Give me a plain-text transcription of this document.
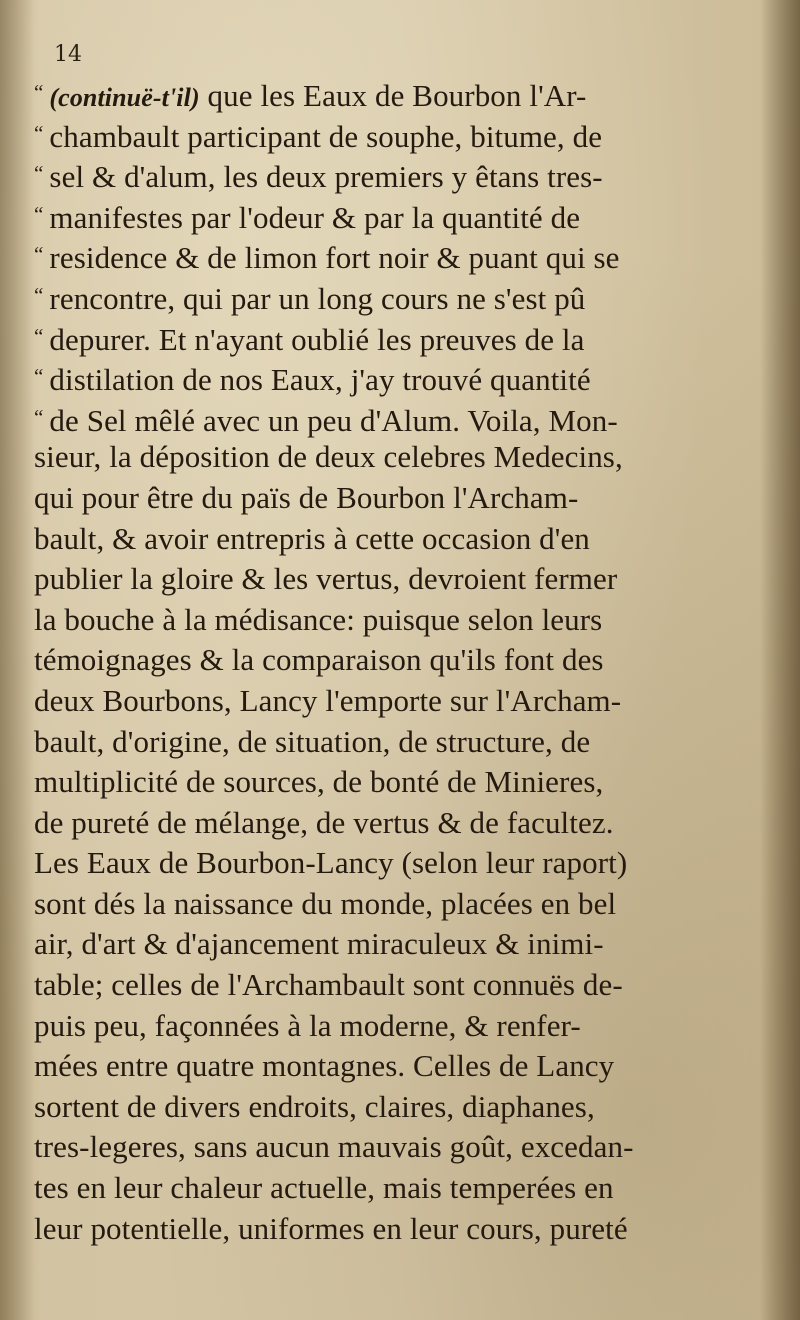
14
“ (continuë-t'il) que les Eaux de Bourbon l'Ar-
“ chambault participant de souphe, bitume, de
“ sel & d'alum, les deux premiers y êtans tres-
“ manifestes par l'odeur & par la quantité de
“ residence & de limon fort noir & puant qui se
“ rencontre, qui par un long cours ne s'est pû
“ depurer. Et n'ayant oublié les preuves de la
“ distilation de nos Eaux, j'ay trouvé quantité
“ de Sel mêlé avec un peu d'Alum. Voila, Mon-
sieur, la déposition de deux celebres Medecins,
qui pour être du païs de Bourbon l'Archam-
bault, & avoir entrepris à cette occasion d'en
publier la gloire & les vertus, devroient fermer
la bouche à la médisance: puisque selon leurs
témoignages & la comparaison qu'ils font des
deux Bourbons, Lancy l'emporte sur l'Archam-
bault, d'origine, de situation, de structure, de
multiplicité de sources, de bonté de Minieres,
de pureté de mélange, de vertus & de facultez.
Les Eaux de Bourbon-Lancy (selon leur raport)
sont dés la naissance du monde, placées en bel
air, d'art & d'ajancement miraculeux & inimi-
table; celles de l'Archambault sont connuës de-
puis peu, façonnées à la moderne, & renfer-
mées entre quatre montagnes. Celles de Lancy
sortent de divers endroits, claires, diaphanes,
tres-legeres, sans aucun mauvais goût, excedan-
tes en leur chaleur actuelle, mais temperées en
leur potentielle, uniformes en leur cours, pureté
